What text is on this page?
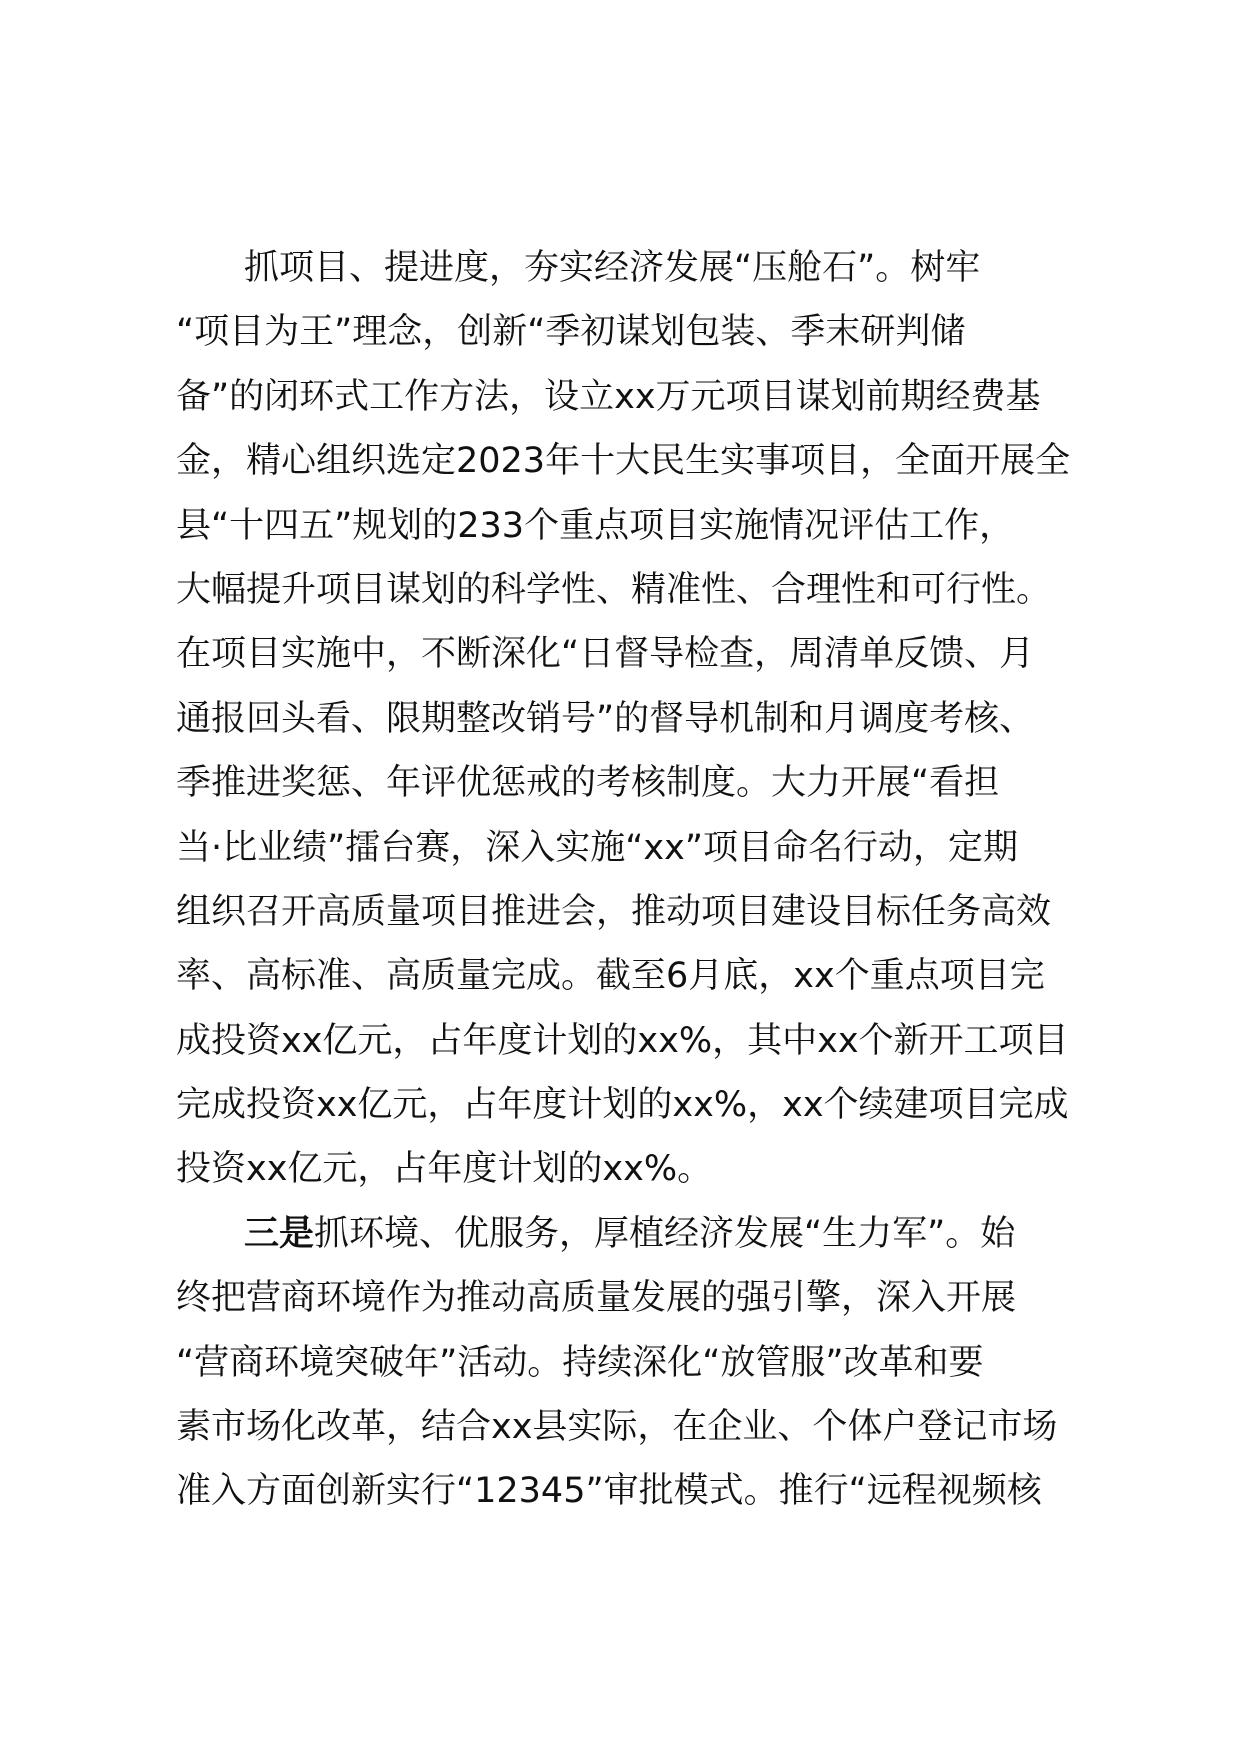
抓项目、提进度，夯实经济发展“压舱石”。树牢
“项目为王”理念，创新“季初谋划包装、季末研判储
备”的闭环式工作方法，设立xx万元项目谋划前期经费基
金，精心组织选定2023年十大民生实事项目，全面开展全
县“十四五”规划的233个重点项目实施情况评估工作，
大幅提升项目谋划的科学性、精准性、合理性和可行性。
在项目实施中，不断深化“日督导检查，周清单反馈、月
通报回头看、限期整改销号”的督导机制和月调度考核、
季推进奖惩、年评优惩戒的考核制度。大力开展“看担
当·比业绩”擂台赛，深入实施“xx”项目命名行动，定期
组织召开高质量项目推进会，推动项目建设目标任务高效
率、高标准、高质量完成。截至6月底，xx个重点项目完
成投资xx亿元，占年度计划的xx%，其中xx个新开工项目
完成投资xx亿元，占年度计划的xx%，xx个续建项目完成
投资xx亿元，占年度计划的xx%。
三是抓环境、优服务，厚植经济发展“生力军”。始
终把营商环境作为推动高质量发展的强引擎，深入开展
“营商环境突破年”活动。持续深化“放管服”改革和要
素市场化改革，结合xx县实际，在企业、个体户登记市场
准入方面创新实行“12345”审批模式。推行“远程视频核
